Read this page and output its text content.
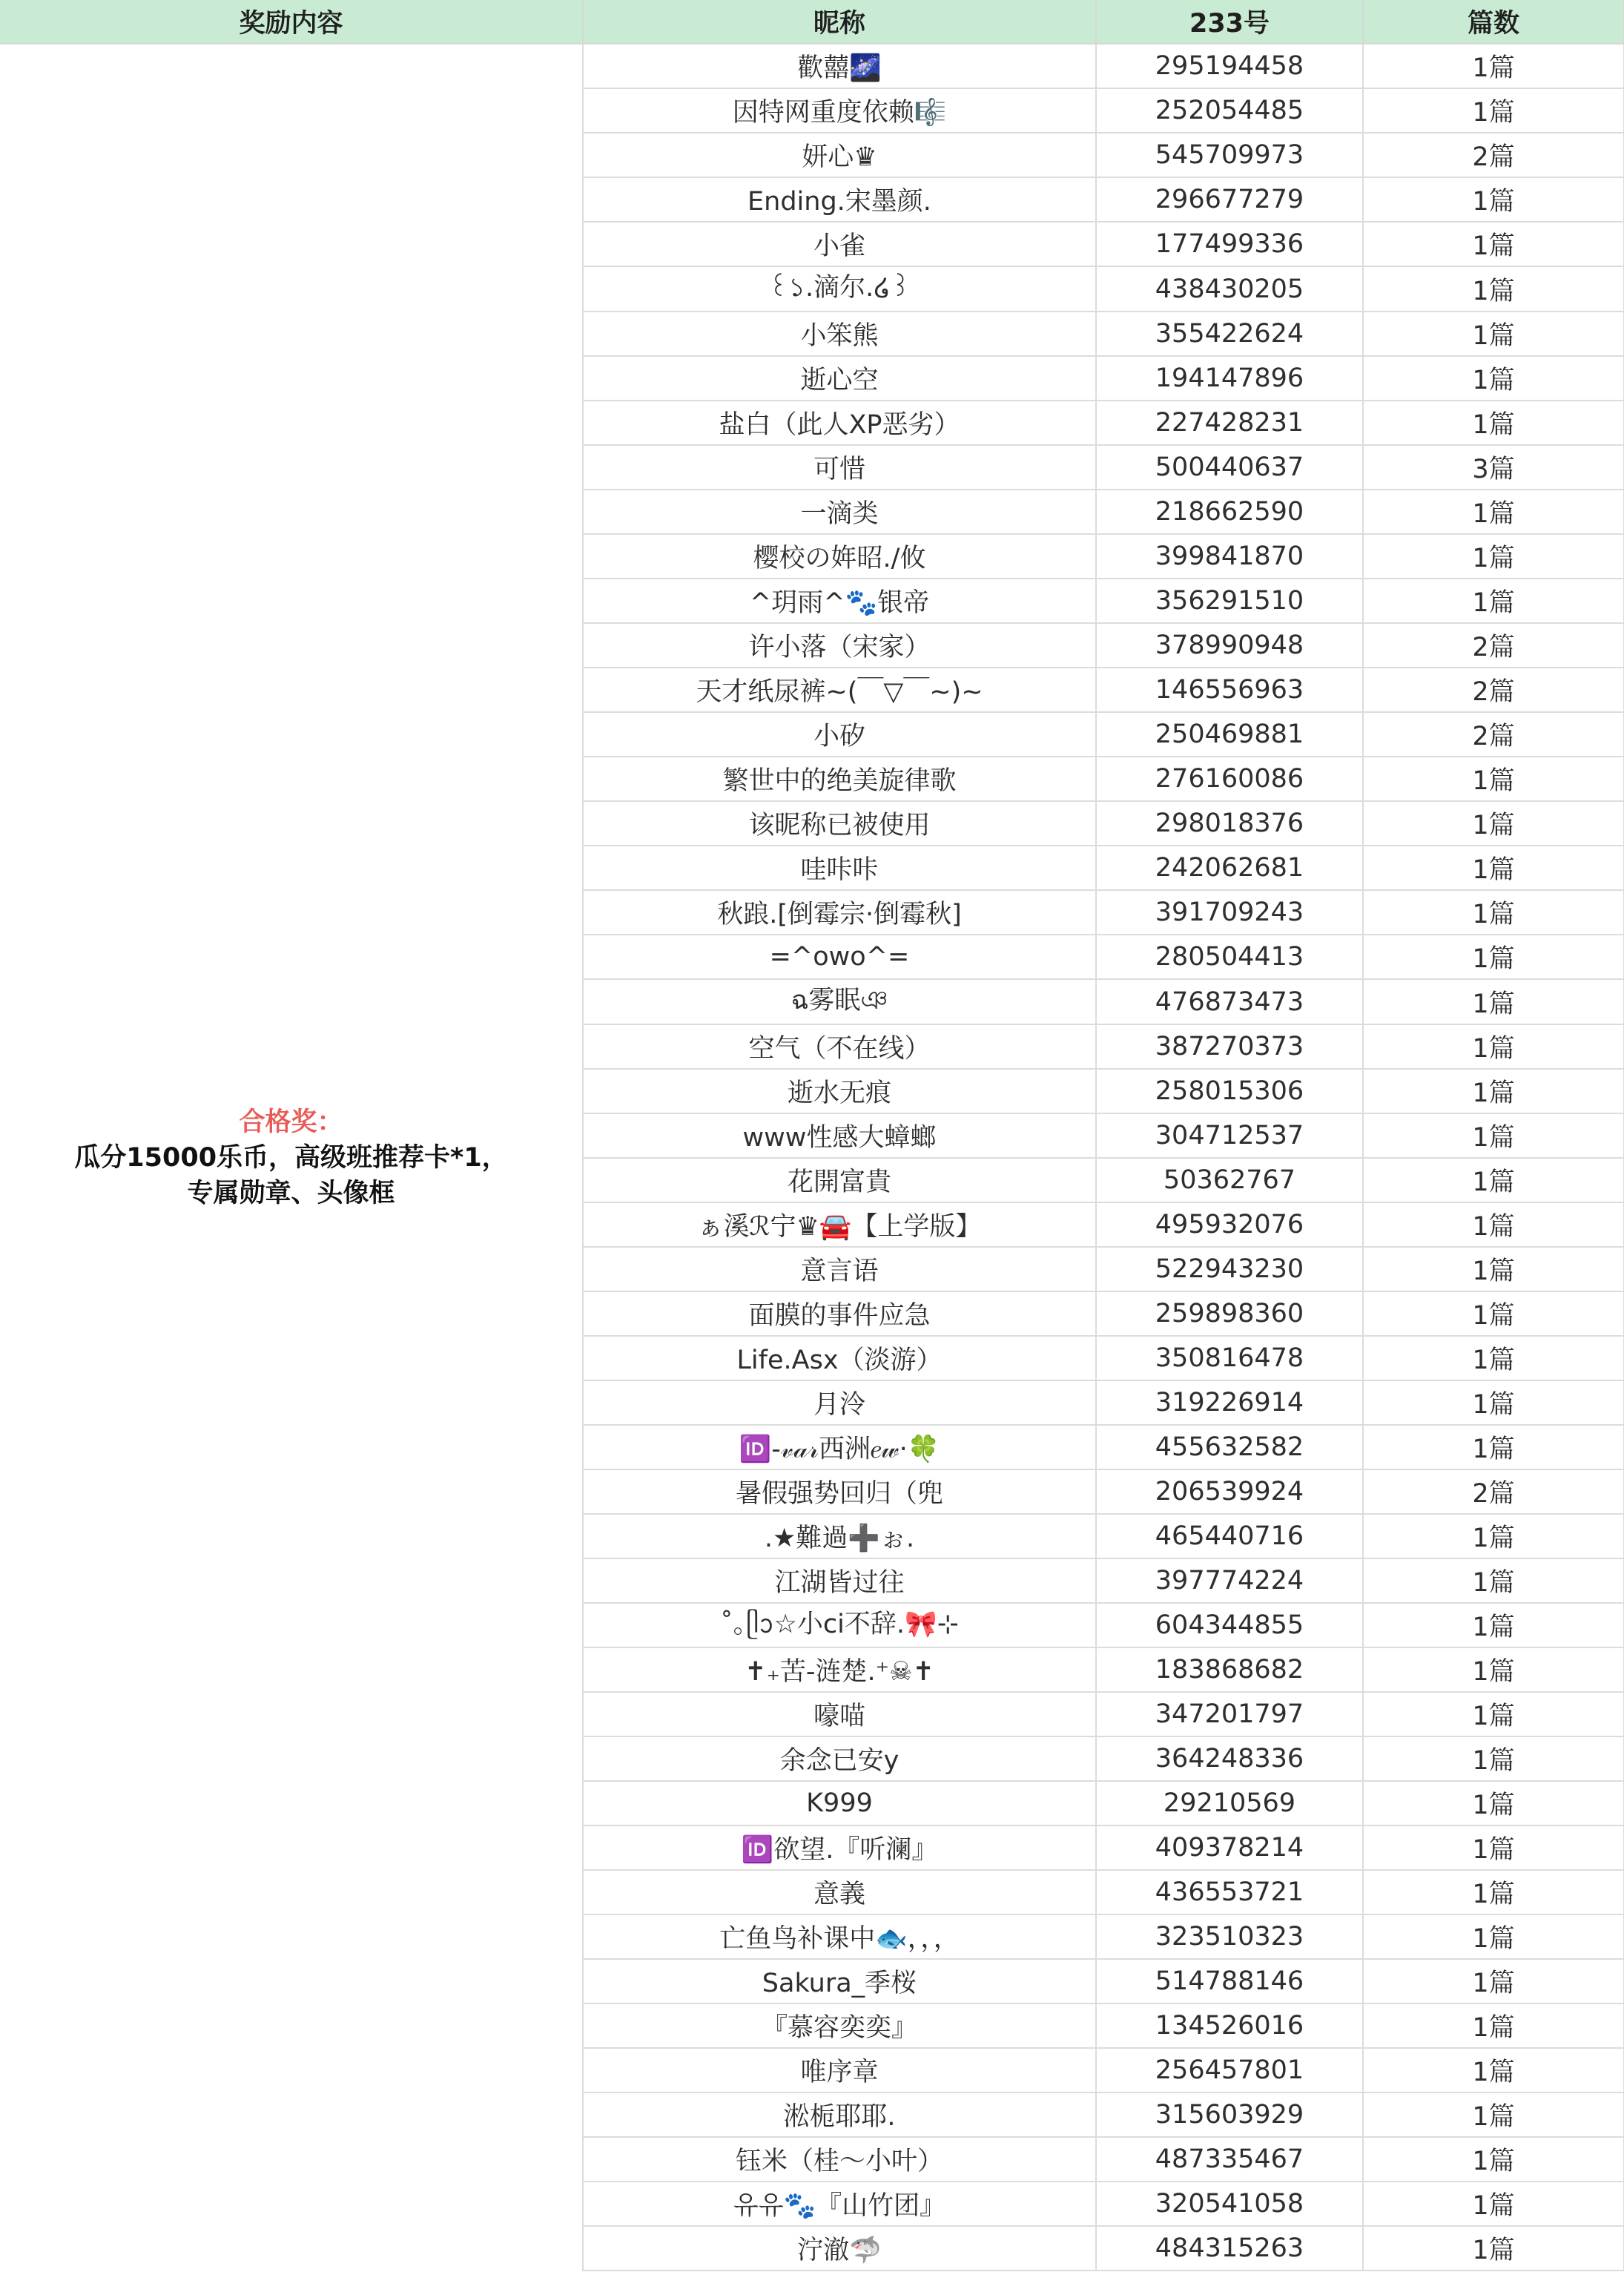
奖励内容	昵称	233号	篇数

合格奖：
瓜分15000乐币，高级班推荐卡*1，
专属勋章、头像框	歡囍🌌	295194458	1篇
	因特网重度依赖🎼	252054485	1篇
	妍心♛	545709973	2篇
	Ending.宋墨颜.	296677279	1篇
	小雀	177499336	1篇
	꒰১.滴尔.໒꒱	438430205	1篇
	小笨熊	355422624	1篇
	逝心空	194147896	1篇
	盐白（此人XP恶劣）	227428231	1篇
	可惜	500440637	3篇
	一滴类	218662590	1篇
	樱校の姩昭./攸	399841870	1篇
	^玥雨^🐾银帝	356291510	1篇
	许小落（宋家）	378990948	2篇
	天才纸尿裤~(￣▽￣~)~	146556963	2篇
	小矽	250469881	2篇
	繁世中的绝美旋律歌	276160086	1篇
	该昵称已被使用	298018376	1篇
	哇咔咔	242062681	1篇
	秋踉.[倒霉宗·倒霉秋]	391709243	1篇
	=^owo^=	280504413	1篇
	ฉ雾眠ঞ	476873473	1篇
	空气（不在线）	387270373	1篇
	逝水无痕	258015306	1篇
	www性感大蟑螂	304712537	1篇
	花開富貴	50362767	1篇
	ぁ溪ℛ宁♛🚘【上学版】	495932076	1篇
	意言语	522943230	1篇
	面膜的事件应急	259898360	1篇
	Life.Asx（淡游）	350816478	1篇
	月泠	319226914	1篇
	🆔-𝓋𝒶𝓇西洲𝑒𝓌·🍀	455632582	1篇
	暑假强势回归（兜	206539924	2篇
	.★難過➕ぉ.	465440716	1篇
	江湖皆过往	397774224	1篇
	˚｡ᥫᩣ☆小ci不辞.🎀⊹	604344855	1篇
	✝₊苦-涟楚.⁺☠✝	183868682	1篇
	嚎喵	347201797	1篇
	余念已安y	364248336	1篇
	K999	29210569	1篇
	🆔欲望.『听澜』	409378214	1篇
	意義	436553721	1篇
	亡鱼鸟补课中🐟，，，	323510323	1篇
	Sakura_季桜	514788146	1篇
	『慕容奕奕』	134526016	1篇
	唯序章	256457801	1篇
	淞栀耶耶.	315603929	1篇
	钰米（桂～小叶）	487335467	1篇
	유유🐾『山竹团』	320541058	1篇
	泞澈🦈	484315263	1篇
